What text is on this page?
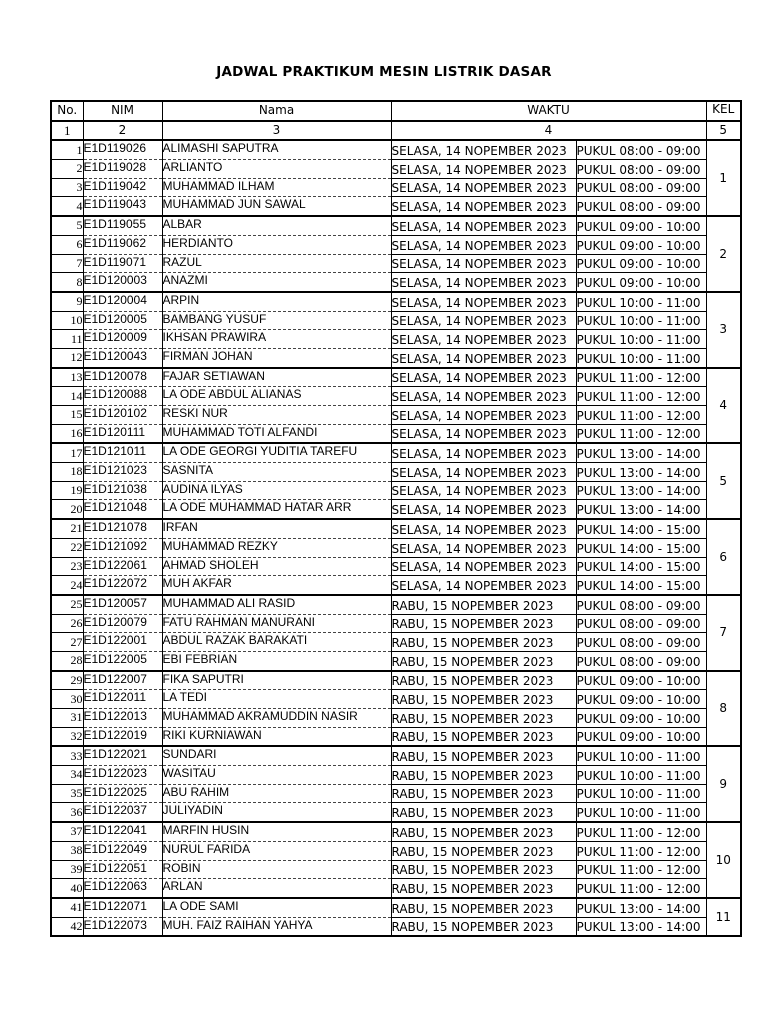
JADWAL PRAKTIKUM MESIN LISTRIK DASAR
No.	NIM	Nama	WAKTU		KEL
1	2	3	4		5
1	E1D119026	ALIMASHI SAPUTRA	SELASA, 14 NOPEMBER 2023	PUKUL 08:00 - 09:00	1
2	E1D119028	ARLIANTO	SELASA, 14 NOPEMBER 2023	PUKUL 08:00 - 09:00	
3	E1D119042	MUHAMMAD ILHAM	SELASA, 14 NOPEMBER 2023	PUKUL 08:00 - 09:00	
4	E1D119043	MUHAMMAD JUN SAWAL	SELASA, 14 NOPEMBER 2023	PUKUL 08:00 - 09:00	
5	E1D119055	ALBAR	SELASA, 14 NOPEMBER 2023	PUKUL 09:00 - 10:00	2
6	E1D119062	HERDIANTO	SELASA, 14 NOPEMBER 2023	PUKUL 09:00 - 10:00	
7	E1D119071	RAZUL	SELASA, 14 NOPEMBER 2023	PUKUL 09:00 - 10:00	
8	E1D120003	ANAZMI	SELASA, 14 NOPEMBER 2023	PUKUL 09:00 - 10:00	
9	E1D120004	ARPIN	SELASA, 14 NOPEMBER 2023	PUKUL 10:00 - 11:00	3
10	E1D120005	BAMBANG YUSUF	SELASA, 14 NOPEMBER 2023	PUKUL 10:00 - 11:00	
11	E1D120009	IKHSAN PRAWIRA	SELASA, 14 NOPEMBER 2023	PUKUL 10:00 - 11:00	
12	E1D120043	FIRMAN JOHAN	SELASA, 14 NOPEMBER 2023	PUKUL 10:00 - 11:00	
13	E1D120078	FAJAR SETIAWAN	SELASA, 14 NOPEMBER 2023	PUKUL 11:00 - 12:00	4
14	E1D120088	LA ODE ABDUL ALIANAS	SELASA, 14 NOPEMBER 2023	PUKUL 11:00 - 12:00	
15	E1D120102	RESKI NUR	SELASA, 14 NOPEMBER 2023	PUKUL 11:00 - 12:00	
16	E1D120111	MUHAMMAD TOTI ALFANDI	SELASA, 14 NOPEMBER 2023	PUKUL 11:00 - 12:00	
17	E1D121011	LA ODE GEORGI YUDITIA TAREFU	SELASA, 14 NOPEMBER 2023	PUKUL 13:00 - 14:00	5
18	E1D121023	SASNITA	SELASA, 14 NOPEMBER 2023	PUKUL 13:00 - 14:00	
19	E1D121038	AUDINA ILYAS	SELASA, 14 NOPEMBER 2023	PUKUL 13:00 - 14:00	
20	E1D121048	LA ODE MUHAMMAD HATAR ARR	SELASA, 14 NOPEMBER 2023	PUKUL 13:00 - 14:00	
21	E1D121078	IRFAN	SELASA, 14 NOPEMBER 2023	PUKUL 14:00 - 15:00	6
22	E1D121092	MUHAMMAD REZKY	SELASA, 14 NOPEMBER 2023	PUKUL 14:00 - 15:00	
23	E1D122061	AHMAD SHOLEH	SELASA, 14 NOPEMBER 2023	PUKUL 14:00 - 15:00	
24	E1D122072	MUH AKFAR	SELASA, 14 NOPEMBER 2023	PUKUL 14:00 - 15:00	
25	E1D120057	MUHAMMAD ALI RASID	RABU, 15 NOPEMBER 2023	PUKUL 08:00 - 09:00	7
26	E1D120079	FATU RAHMAN MANURANI	RABU, 15 NOPEMBER 2023	PUKUL 08:00 - 09:00	
27	E1D122001	ABDUL RAZAK BARAKATI	RABU, 15 NOPEMBER 2023	PUKUL 08:00 - 09:00	
28	E1D122005	EBI FEBRIAN	RABU, 15 NOPEMBER 2023	PUKUL 08:00 - 09:00	
29	E1D122007	FIKA SAPUTRI	RABU, 15 NOPEMBER 2023	PUKUL 09:00 - 10:00	8
30	E1D122011	LA TEDI	RABU, 15 NOPEMBER 2023	PUKUL 09:00 - 10:00	
31	E1D122013	MUHAMMAD AKRAMUDDIN NASIR	RABU, 15 NOPEMBER 2023	PUKUL 09:00 - 10:00	
32	E1D122019	RIKI KURNIAWAN	RABU, 15 NOPEMBER 2023	PUKUL 09:00 - 10:00	
33	E1D122021	SUNDARI	RABU, 15 NOPEMBER 2023	PUKUL 10:00 - 11:00	9
34	E1D122023	WASITAU	RABU, 15 NOPEMBER 2023	PUKUL 10:00 - 11:00	
35	E1D122025	ABU RAHIM	RABU, 15 NOPEMBER 2023	PUKUL 10:00 - 11:00	
36	E1D122037	JULIYADIN	RABU, 15 NOPEMBER 2023	PUKUL 10:00 - 11:00	
37	E1D122041	MARFIN HUSIN	RABU, 15 NOPEMBER 2023	PUKUL 11:00 - 12:00	10
38	E1D122049	NURUL FARIDA	RABU, 15 NOPEMBER 2023	PUKUL 11:00 - 12:00	
39	E1D122051	ROBIN	RABU, 15 NOPEMBER 2023	PUKUL 11:00 - 12:00	
40	E1D122063	ARLAN	RABU, 15 NOPEMBER 2023	PUKUL 11:00 - 12:00	
41	E1D122071	LA ODE SAMI	RABU, 15 NOPEMBER 2023	PUKUL 13:00 - 14:00	11
42	E1D122073	MUH. FAIZ RAIHAN YAHYA	RABU, 15 NOPEMBER 2023	PUKUL 13:00 - 14:00	
